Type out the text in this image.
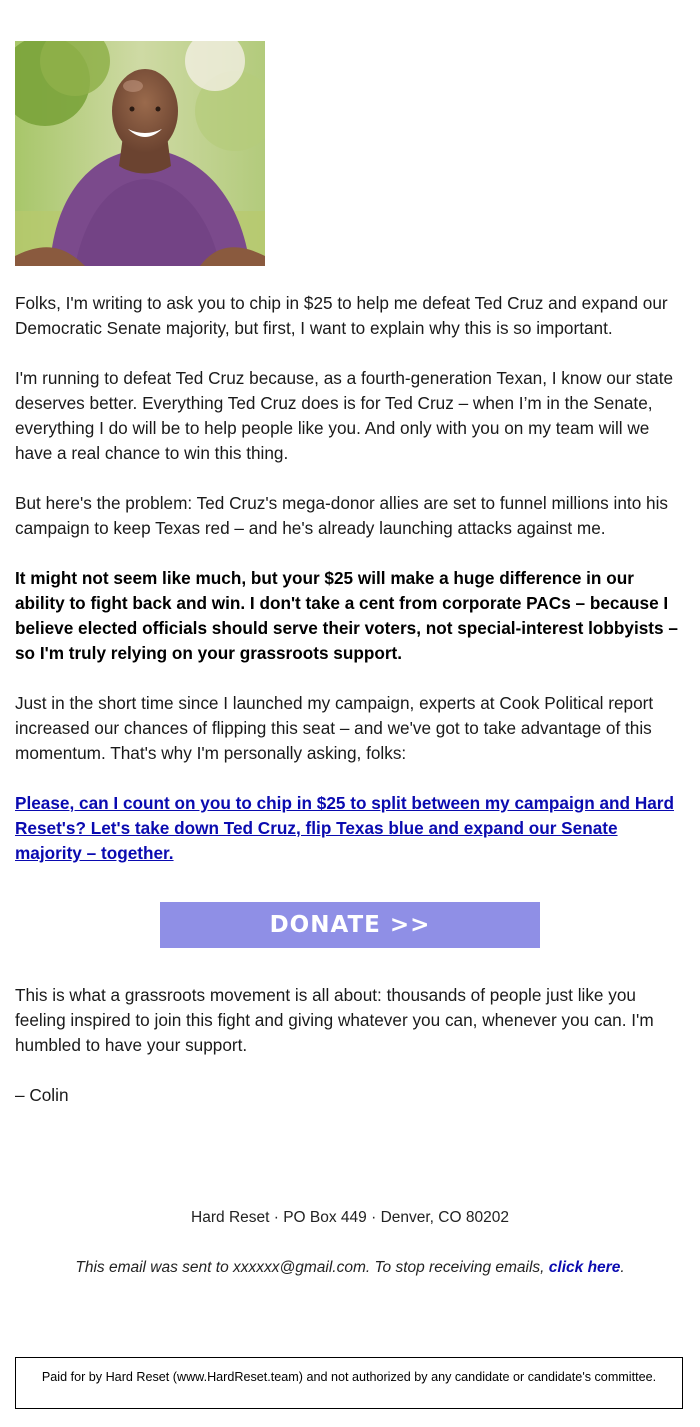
Folks, I'm writing to ask you to chip in $25 to help me defeat Ted Cruz and expand our Democratic Senate majority, but first, I want to explain why this is so important.

I'm running to defeat Ted Cruz because, as a fourth-generation Texan, I know our state deserves better. Everything Ted Cruz does is for Ted Cruz – when I’m in the Senate, everything I do will be to help people like you. And only with you on my team will we have a real chance to win this thing.

But here's the problem: Ted Cruz's mega-donor allies are set to funnel millions into his campaign to keep Texas red – and he's already launching attacks against me.

It might not seem like much, but your $25 will make a huge difference in our ability to fight back and win. I don't take a cent from corporate PACs – because I believe elected officials should serve their voters, not special-interest lobbyists – so I'm truly relying on your grassroots support.

Just in the short time since I launched my campaign, experts at Cook Political report increased our chances of flipping this seat – and we've got to take advantage of this momentum. That's why I'm personally asking, folks:

Please, can I count on you to chip in $25 to split between my campaign and Hard Reset's? Let's take down Ted Cruz, flip Texas blue and expand our Senate majority – together.

DONATE >>

This is what a grassroots movement is all about: thousands of people just like you feeling inspired to join this fight and giving whatever you can, whenever you can. I'm humbled to have your support.

– Colin

Hard Reset · PO Box 449 · Denver, CO 80202
This email was sent to xxxxxx@gmail.com. To stop receiving emails, click here.
Paid for by Hard Reset (www.HardReset.team) and not authorized by any candidate or candidate's committee.
